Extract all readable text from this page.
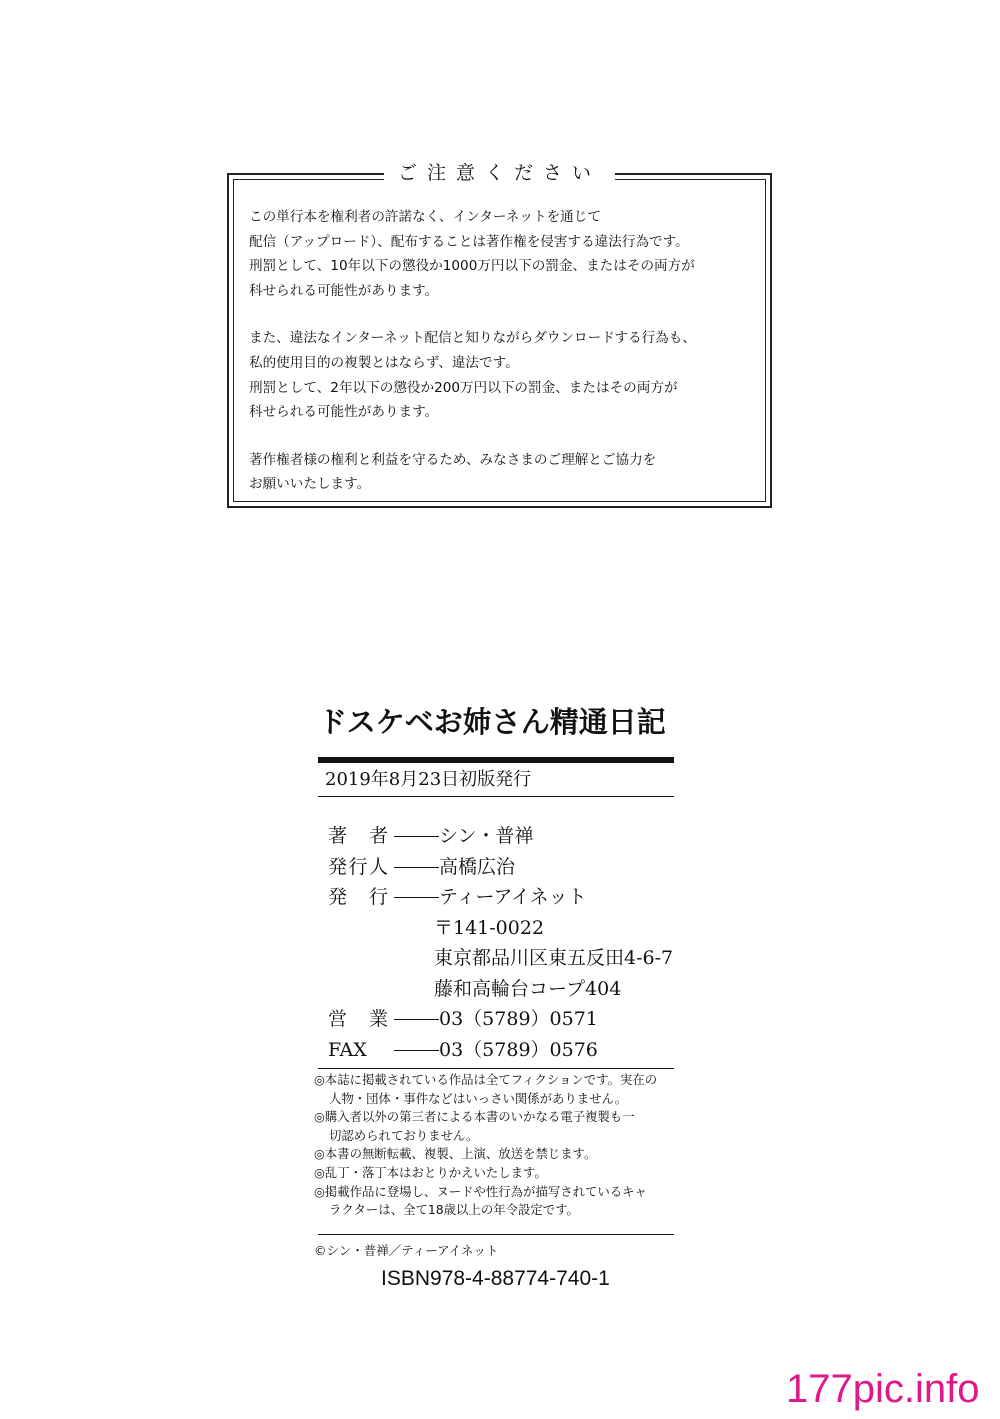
ご注意ください

この単行本を権利者の許諾なく、インターネットを通じて
配信（アップロード）、配布することは著作権を侵害する違法行為です。
刑罰として、10年以下の懲役か1000万円以下の罰金、またはその両方が
科せられる可能性があります。

また、違法なインターネット配信と知りながらダウンロードする行為も、
私的使用目的の複製とはならず、違法です。
刑罰として、2年以下の懲役か200万円以下の罰金、またはその両方が
科せられる可能性があります。

著作権者様の権利と利益を守るため、みなさまのご理解とご協力を
お願いいたします。

ドスケベお姉さん精通日記
2019年8月23日初版発行
著者	シン・普禅
発行人	高橋広治
発行	ティーアイネット
〒141-0022
東京都品川区東五反田4-6-7
藤和高輪台コープ404
営業	03（5789）0571
FAX	03（5789）0576
◎本誌に掲載されている作品は全てフィクションです。実在の
人物・団体・事件などはいっさい関係がありません。
◎購入者以外の第三者による本書のいかなる電子複製も一
切認められておりません。
◎本書の無断転載、複製、上演、放送を禁じます。
◎乱丁・落丁本はおとりかえいたします。
◎掲載作品に登場し、ヌードや性行為が描写されているキャ
ラクターは、全て18歳以上の年令設定です。
©シン・普禅／ティーアイネット
ISBN978-4-88774-740-1
177pic.info
